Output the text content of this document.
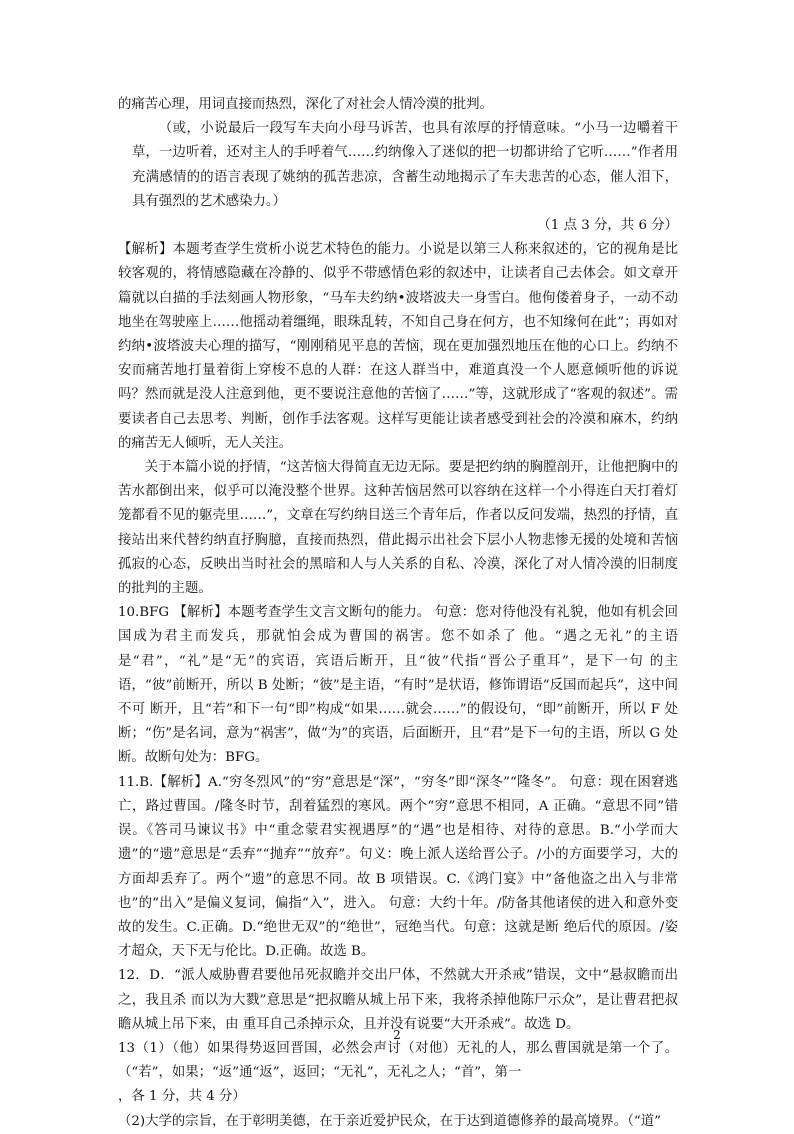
的痛苦心理，用词直接而热烈，深化了对社会人情冷漠的批判。

（或，小说最后一段写车夫向小母马诉苦，也具有浓厚的抒情意味。“小马一边嚼着干草，一边听着，还对主人的手呼着气……约纳像入了迷似的把一切都讲给了它听……”作者用充满感情的的语言表现了姚纳的孤苦悲凉，含蓄生动地揭示了车夫悲苦的心态，催人泪下，具有强烈的艺术感染力。）

（1 点 3 分，共 6 分）

【解析】本题考查学生赏析小说艺术特色的能力。小说是以第三人称来叙述的，它的视角是比较客观的，将情感隐藏在冷静的、似乎不带感情色彩的叙述中，让读者自己去体会。如文章开篇就以白描的手法刻画人物形象，“马车夫约纳•波塔波夫一身雪白。他佝偻着身子，一动不动地坐在驾驶座上……他摇动着缰绳，眼珠乱转，不知自己身在何方，也不知缘何在此”；再如对约纳•波塔波夫心理的描写，“刚刚稍见平息的苦恼，现在更加强烈地压在他的心口上。约纳不安而痛苦地打量着街上穿梭不息的人群：在这人群当中，难道真没一个人愿意倾听他的诉说吗？然而就是没人注意到他，更不要说注意他的苦恼了……”等，这就形成了“客观的叙述”。需要读者自己去思考、判断，创作手法客观。这样写更能让读者感受到社会的冷漠和麻木，约纳的痛苦无人倾听，无人关注。

关于本篇小说的抒情，“这苦恼大得简直无边无际。要是把约纳的胸膛剖开，让他把胸中的苦水都倒出来，似乎可以淹没整个世界。这种苦恼居然可以容纳在这样一个小得连白天打着灯笼都看不见的躯壳里……”，文章在写约纳目送三个青年后，作者以反问发端，热烈的抒情，直接站出来代替约纳直抒胸臆，直接而热烈，借此揭示出社会下层小人物悲惨无援的处境和苦恼孤寂的心态，反映出当时社会的黑暗和人与人关系的自私、冷漠，深化了对人情冷漠的旧制度的批判的主题。

10.BFG 【解析】本题考查学生文言文断句的能力。 句意：您对待他没有礼貌，他如有机会回国成为君主而发兵，那就怕会成为曹国的祸害。您不如杀了 他。“遇之无礼”的主语是“君”，“礼”是“无”的宾语，宾语后断开，且“彼”代指“晋公子重耳”，是下一句 的主语，“彼”前断开，所以 B 处断；“彼”是主语，“有时”是状语，修饰谓语“反国而起兵”，这中间不可 断开，且“若”和下一句“即”构成“如果……就会……”的假设句，“即”前断开，所以 F 处断；“伤”是名词，意为“祸害”，做“为”的宾语，后面断开，且“君”是下一句的主语，所以 G 处断。故断句处为：BFG。

11.B.【解析】A.“穷冬烈风”的“穷”意思是“深”，“穷冬”即“深冬”“隆冬”。 句意：现在困窘逃亡，路过曹国。/隆冬时节，刮着猛烈的寒风。两个“穷”意思不相同，A 正确。“意思不同”错误。《答司马谏议书》中“重念蒙君实视遇厚”的“遇”也是相待、对待的意思。B.“小学而大遗”的“遗”意思是“丢弃”“抛弃”“放弃”。句义：晚上派人送给晋公子。/小的方面要学习，大的方面却丢弃了。两个“遗”的意思不同。故 B 项错误。C.《鸿门宴》中“备他盗之出入与非常也”的“出入”是偏义复词，偏指“入”，进入。 句意：大约十年。/防备其他诸侯的进入和意外变故的发生。C.正确。D.“绝世无双”的“绝世”，冠绝当代。句意：这就是断 绝后代的原因。/姿才超众，天下无与伦比。D.正确。故选 B。

12．D．“派人威胁曹君要他吊死叔瞻并交出尸体，不然就大开杀戒”错误，文中“悬叔瞻而出之，我且杀 而以为大戮”意思是“把叔瞻从城上吊下来，我将杀掉他陈尸示众”，是让曹君把叔瞻从城上吊下来，由 重耳自己杀掉示众，且并没有说要“大开杀戒”。故选 D。

13（1）（他）如果得势返回晋国，必然会声讨（对他）无礼的人，那么曹国就是第一个了。（“若”，如果；“返”通“返”，返回；“无礼”，无礼之人；“首”，第一

，各 1 分，共 4 分）

（2)大学的宗旨，在于彰明美德，在于亲近爱护民众，在于达到道德修养的最高境界。（“道”

2
